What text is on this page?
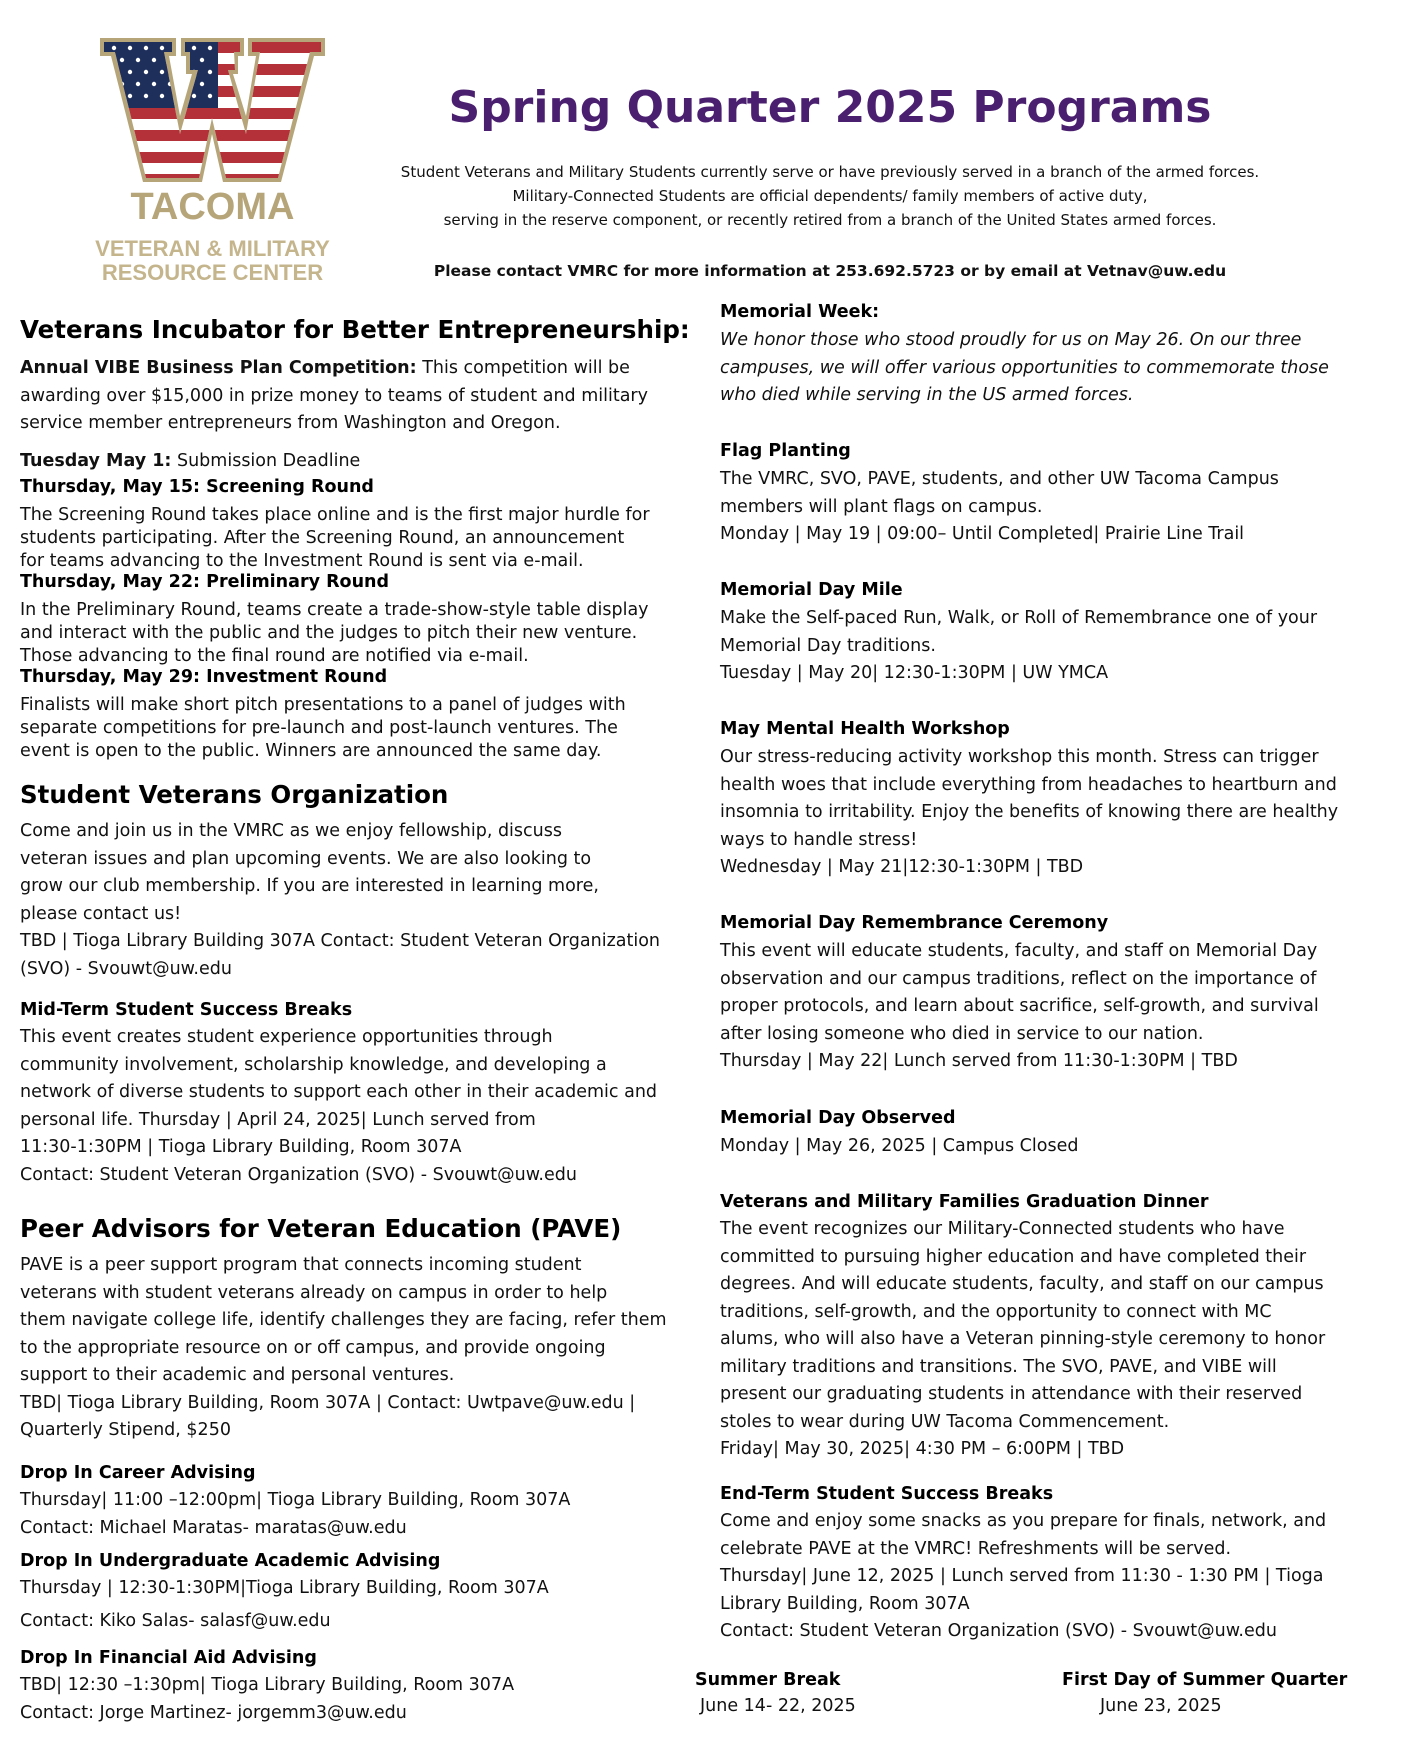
TACOMA
VETERAN & MILITARY
RESOURCE CENTER
Spring Quarter 2025 Programs
Student Veterans and Military Students currently serve or have previously served in a branch of the armed forces.
Military-Connected Students are official dependents/ family members of active duty,
serving in the reserve component, or recently retired from a branch of the United States armed forces.
Please contact VMRC for more information at 253.692.5723 or by email at Vetnav@uw.edu
Veterans Incubator for Better Entrepreneurship:
Annual VIBE Business Plan Competition: This competition will be
awarding over $15,000 in prize money to teams of student and military
service member entrepreneurs from Washington and Oregon.
Tuesday May 1: Submission Deadline
Thursday, May 15: Screening Round
The Screening Round takes place online and is the first major hurdle for
students participating. After the Screening Round, an announcement
for teams advancing to the Investment Round is sent via e-mail.
Thursday, May 22: Preliminary Round
In the Preliminary Round, teams create a trade-show-style table display
and interact with the public and the judges to pitch their new venture.
Those advancing to the final round are notified via e-mail.
Thursday, May 29: Investment Round
Finalists will make short pitch presentations to a panel of judges with
separate competitions for pre-launch and post-launch ventures. The
event is open to the public. Winners are announced the same day.
Student Veterans Organization
Come and join us in the VMRC as we enjoy fellowship, discuss
veteran issues and plan upcoming events. We are also looking to
grow our club membership. If you are interested in learning more,
please contact us!
TBD | Tioga Library Building 307A Contact: Student Veteran Organization
(SVO) - Svouwt@uw.edu
Mid-Term Student Success Breaks
This event creates student experience opportunities through
community involvement, scholarship knowledge, and developing a
network of diverse students to support each other in their academic and
personal life. Thursday | April 24, 2025| Lunch served from
11:30-1:30PM | Tioga Library Building, Room 307A
Contact: Student Veteran Organization (SVO) - Svouwt@uw.edu
Peer Advisors for Veteran Education (PAVE)
PAVE is a peer support program that connects incoming student
veterans with student veterans already on campus in order to help
them navigate college life, identify challenges they are facing, refer them
to the appropriate resource on or off campus, and provide ongoing
support to their academic and personal ventures.
TBD| Tioga Library Building, Room 307A | Contact: Uwtpave@uw.edu |
Quarterly Stipend, $250
Drop In Career Advising
Thursday| 11:00 –12:00pm| Tioga Library Building, Room 307A
Contact: Michael Maratas- maratas@uw.edu
Drop In Undergraduate Academic Advising
Thursday | 12:30-1:30PM|Tioga Library Building, Room 307A
Contact: Kiko Salas- salasf@uw.edu
Drop In Financial Aid Advising
TBD| 12:30 –1:30pm| Tioga Library Building, Room 307A
Contact: Jorge Martinez- jorgemm3@uw.edu
Memorial Week:
We honor those who stood proudly for us on May 26. On our three
campuses, we will offer various opportunities to commemorate those
who died while serving in the US armed forces.
Flag Planting
The VMRC, SVO, PAVE, students, and other UW Tacoma Campus
members will plant flags on campus.
Monday | May 19 | 09:00– Until Completed| Prairie Line Trail
Memorial Day Mile
Make the Self-paced Run, Walk, or Roll of Remembrance one of your
Memorial Day traditions.
Tuesday | May 20| 12:30-1:30PM | UW YMCA
May Mental Health Workshop
Our stress-reducing activity workshop this month. Stress can trigger
health woes that include everything from headaches to heartburn and
insomnia to irritability. Enjoy the benefits of knowing there are healthy
ways to handle stress!
Wednesday | May 21|12:30-1:30PM | TBD
Memorial Day Remembrance Ceremony
This event will educate students, faculty, and staff on Memorial Day
observation and our campus traditions, reflect on the importance of
proper protocols, and learn about sacrifice, self-growth, and survival
after losing someone who died in service to our nation.
Thursday | May 22| Lunch served from 11:30-1:30PM | TBD
Memorial Day Observed
Monday | May 26, 2025 | Campus Closed
Veterans and Military Families Graduation Dinner
The event recognizes our Military-Connected students who have
committed to pursuing higher education and have completed their
degrees. And will educate students, faculty, and staff on our campus
traditions, self-growth, and the opportunity to connect with MC
alums, who will also have a Veteran pinning-style ceremony to honor
military traditions and transitions. The SVO, PAVE, and VIBE will
present our graduating students in attendance with their reserved
stoles to wear during UW Tacoma Commencement.
Friday| May 30, 2025| 4:30 PM – 6:00PM | TBD
End-Term Student Success Breaks
Come and enjoy some snacks as you prepare for finals, network, and
celebrate PAVE at the VMRC! Refreshments will be served.
Thursday| June 12, 2025 | Lunch served from 11:30 - 1:30 PM | Tioga
Library Building, Room 307A
Contact: Student Veteran Organization (SVO) - Svouwt@uw.edu
Summer Break
June 14- 22, 2025
First Day of Summer Quarter
June 23, 2025
